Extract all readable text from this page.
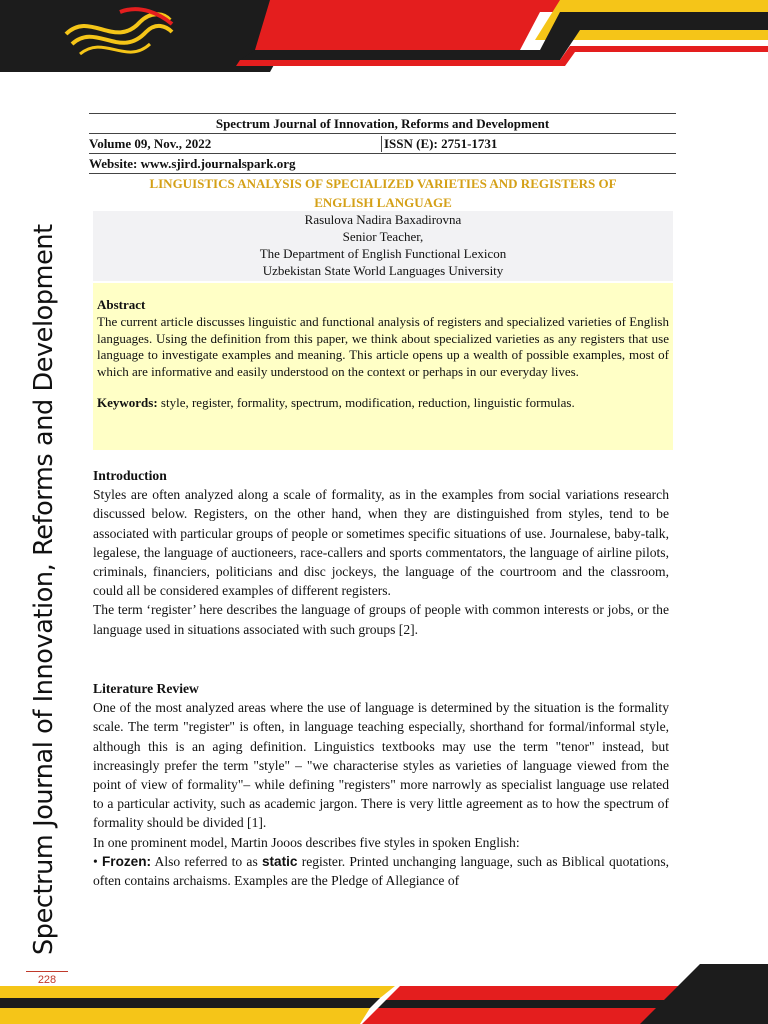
Spectrum Journal of Innovation, Reforms and Development
228
Spectrum Journal of Innovation, Reforms and Development
Volume 09, Nov., 2022	ISSN (E): 2751-1731
Website: www.sjird.journalspark.org
LINGUISTICS ANALYSIS OF SPECIALIZED VARIETIES AND REGISTERS OF
ENGLISH LANGUAGE
Rasulova Nadira Baxadirovna
Senior Teacher,
The Department of English Functional Lexicon
Uzbekistan State World Languages University
Abstract
The current article discusses linguistic and functional analysis of registers and specialized varieties of English languages. Using the definition from this paper, we think about specialized varieties as any registers that use language to investigate examples and meaning. This article opens up a wealth of possible examples, most of which are informative and easily understood on the context or perhaps in our everyday lives.
Keywords: style, register, formality, spectrum, modification, reduction, linguistic formulas.
Introduction

Styles are often analyzed along a scale of formality, as in the examples from social variations research discussed below. Registers, on the other hand, when they are distinguished from styles, tend to be associated with particular groups of people or sometimes specific situations of use. Journalese, baby-talk, legalese, the language of auctioneers, race-callers and sports commentators, the language of airline pilots, criminals, financiers, politicians and disc jockeys, the language of the courtroom and the classroom, could all be considered examples of different registers.

The term ‘register’ here describes the language of groups of people with common interests or jobs, or the language used in situations associated with such groups [2].

Literature Review

One of the most analyzed areas where the use of language is determined by the situation is the formality scale. The term "register" is often, in language teaching especially, shorthand for formal/informal style, although this is an aging definition. Linguistics textbooks may use the term "tenor" instead, but increasingly prefer the term "style" – "we characterise styles as varieties of language viewed from the point of view of formality"– while defining "registers" more narrowly as specialist language use related to a particular activity, such as academic jargon. There is very little agreement as to how the spectrum of formality should be divided [1].

In one prominent model, Martin Jooos describes five styles in spoken English:

• Frozen: Also referred to as static register. Printed unchanging language, such as Biblical quotations, often contains archaisms. Examples are the Pledge of Allegiance of
